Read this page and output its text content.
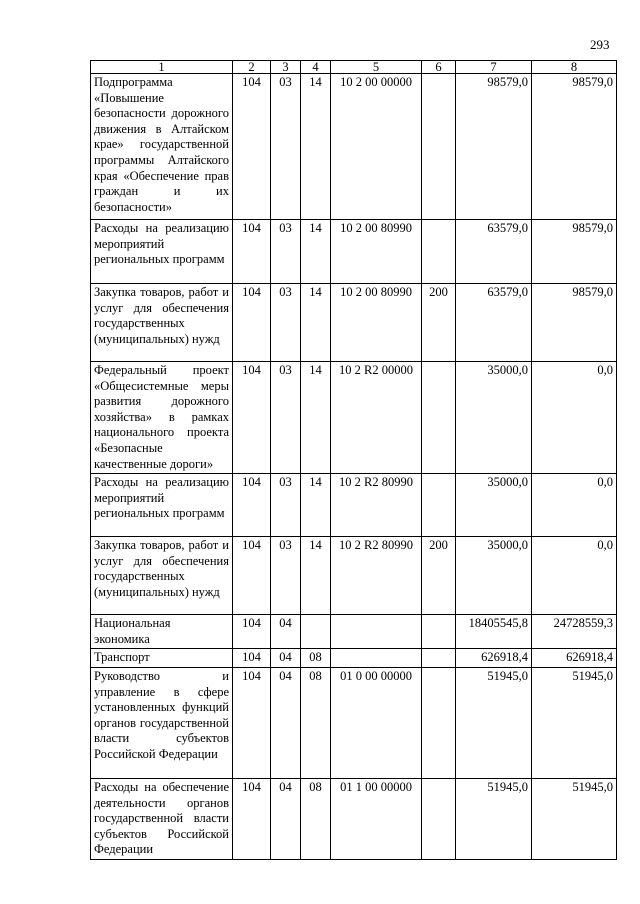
293
1	2	3	4	5	6	7	8
Подпрограмма «Повышение безопасности дорожного движения в Алтайском крае» государственной программы Алтайского края «Обеспечение прав граждан и их безопасности»	104	03	14	10 2 00 00000		98579,0	98579,0
Расходы на реализацию мероприятий региональных программ	104	03	14	10 2 00 80990		63579,0	98579,0
Закупка товаров, работ и услуг для обеспечения государственных (муниципальных) нужд	104	03	14	10 2 00 80990	200	63579,0	98579,0
Федеральный проект «Общесистемные меры развития дорожного хозяйства» в рамках национального проекта «Безопасные качественные дороги»	104	03	14	10 2 R2 00000		35000,0	0,0
Расходы на реализацию мероприятий региональных программ	104	03	14	10 2 R2 80990		35000,0	0,0
Закупка товаров, работ и услуг для обеспечения государственных (муниципальных) нужд	104	03	14	10 2 R2 80990	200	35000,0	0,0
Национальная экономика	104	04				18405545,8	24728559,3
Транспорт	104	04	08			626918,4	626918,4
Руководство и управление в сфере установленных функций органов государственной власти субъектов Российской Федерации	104	04	08	01 0 00 00000		51945,0	51945,0
Расходы на обеспечение деятельности органов государственной власти субъектов Российской Федерации	104	04	08	01 1 00 00000		51945,0	51945,0
